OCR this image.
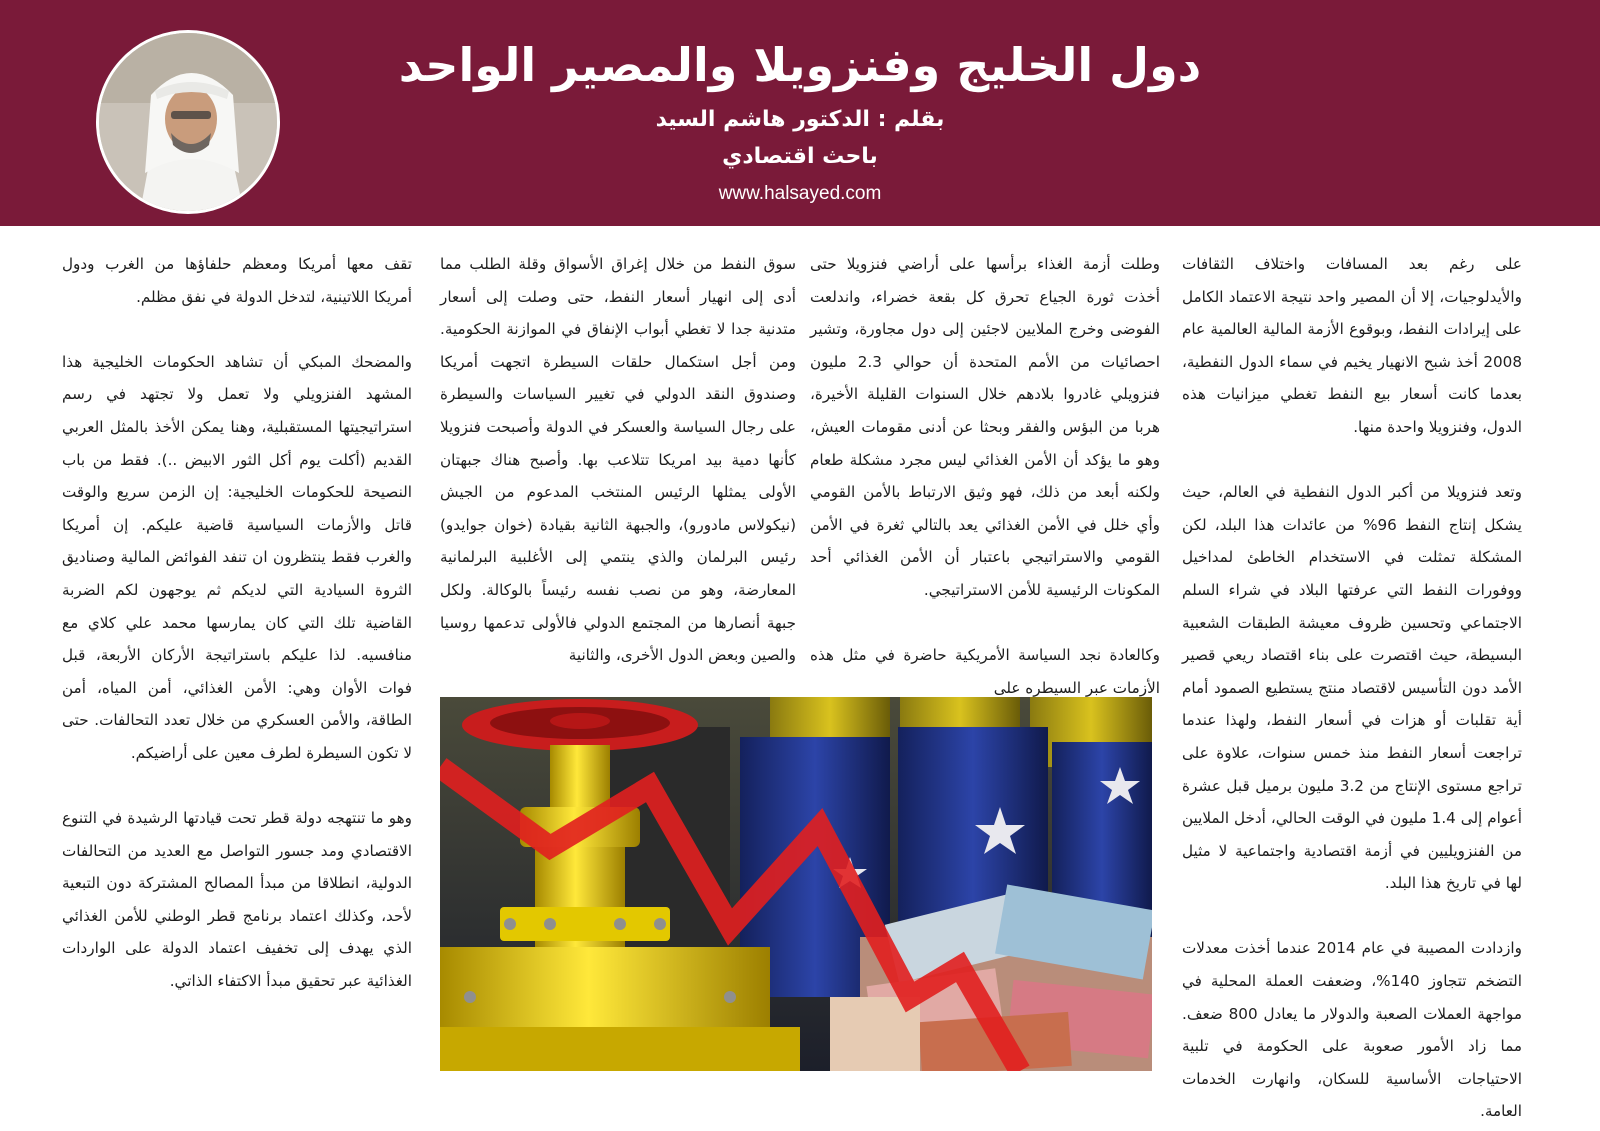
دول الخليج وفنزويلا والمصير الواحد
بقلم : الدكتور هاشم السيد
باحث اقتصادي
www.halsayed.com

على رغم بعد المسافات واختلاف الثقافات والأيدلوجيات، إلا أن المصير واحد نتيجة الاعتماد الكامل على إيرادات النفط، وبوقوع الأزمة المالية العالمية عام 2008 أخذ شبح الانهيار يخيم في سماء الدول النفطية، بعدما كانت أسعار بيع النفط تغطي ميزانيات هذه الدول، وفنزويلا واحدة منها.

وتعد فنزويلا من أكبر الدول النفطية في العالم، حيث يشكل إنتاج النفط 96% من عائدات هذا البلد، لكن المشكلة تمثلت في الاستخدام الخاطئ لمداخيل ووفورات النفط التي عرفتها البلاد في شراء السلم الاجتماعي وتحسين ظروف معيشة الطبقات الشعبية البسيطة، حيث اقتصرت على بناء اقتصاد ريعي قصير الأمد دون التأسيس لاقتصاد منتج يستطيع الصمود أمام أية تقلبات أو هزات في أسعار النفط، ولهذا عندما تراجعت أسعار النفط منذ خمس سنوات، علاوة على تراجع مستوى الإنتاج من 3.2 مليون برميل قبل عشرة أعوام إلى 1.4 مليون في الوقت الحالي، أدخل الملايين من الفنزويليين في أزمة اقتصادية واجتماعية لا مثيل لها في تاريخ هذا البلد.

وازدادت المصيبة في عام 2014 عندما أخذت معدلات التضخم تتجاوز 140%، وضعفت العملة المحلية في مواجهة العملات الصعبة والدولار ما يعادل 800 ضعف. مما زاد الأمور صعوبة على الحكومة في تلبية الاحتياجات الأساسية للسكان، وانهارت الخدمات العامة.

وطلت أزمة الغذاء برأسها على أراضي فنزويلا حتى أخذت ثورة الجياع تحرق كل بقعة خضراء، واندلعت الفوضى وخرج الملايين لاجئين إلى دول مجاورة، وتشير احصائيات من الأمم المتحدة أن حوالي 2.3 مليون فنزويلي غادروا بلادهم خلال السنوات القليلة الأخيرة، هربا من البؤس والفقر وبحثا عن أدنى مقومات العيش، وهو ما يؤكد أن الأمن الغذائي ليس مجرد مشكلة طعام ولكنه أبعد من ذلك، فهو وثيق الارتباط بالأمن القومي وأي خلل في الأمن الغذائي يعد بالتالي ثغرة في الأمن القومي والاستراتيجي باعتبار أن الأمن الغذائي أحد المكونات الرئيسية للأمن الاستراتيجي.

وكالعادة نجد السياسة الأمريكية حاضرة في مثل هذه الأزمات عبر السيطره على

سوق النفط من خلال إغراق الأسواق وقلة الطلب مما أدى إلى انهيار أسعار النفط، حتى وصلت إلى أسعار متدنية جدا لا تغطي أبواب الإنفاق في الموازنة الحكومية. ومن أجل استكمال حلقات السيطرة اتجهت أمريكا وصندوق النقد الدولي في تغيير السياسات والسيطرة على رجال السياسة والعسكر في الدولة وأصبحت فنزويلا كأنها دمية بيد امريكا تتلاعب بها. وأصبح هناك جبهتان الأولى يمثلها الرئيس المنتخب المدعوم من الجيش (نيكولاس مادورو)، والجبهة الثانية بقيادة (خوان جوايدو) رئيس البرلمان والذي ينتمي إلى الأغلبية البرلمانية المعارضة، وهو من نصب نفسه رئيساً بالوكالة. ولكل جبهة أنصارها من المجتمع الدولي فالأولى تدعمها روسيا والصين وبعض الدول الأخرى، والثانية

تقف معها أمريكا ومعظم حلفاؤها من الغرب ودول أمريكا اللاتينية، لتدخل الدولة في نفق مظلم.

والمضحك المبكي أن تشاهد الحكومات الخليجية هذا المشهد الفنزويلي ولا تعمل ولا تجتهد في رسم استراتيجيتها المستقبلية، وهنا يمكن الأخذ بالمثل العربي القديم (أكلت يوم أكل الثور الابيض ..). فقط من باب النصيحة للحكومات الخليجية: إن الزمن سريع والوقت قاتل والأزمات السياسية قاضية عليكم. إن أمريكا والغرب فقط ينتظرون ان تنفد الفوائض المالية وصناديق الثروة السيادية التي لديكم ثم يوجهون لكم الضربة القاضية تلك التي كان يمارسها محمد علي كلاي مع منافسيه. لذا عليكم باستراتيجة الأركان الأربعة، قبل فوات الأوان وهي: الأمن الغذائي، أمن المياه، أمن الطاقة، والأمن العسكري من خلال تعدد التحالفات. حتى لا تكون السيطرة لطرف معين على أراضيكم.

وهو ما تنتهجه دولة قطر تحت قيادتها الرشيدة في التنوع الاقتصادي ومد جسور التواصل مع العديد من التحالفات الدولية، انطلاقا من مبدأ المصالح المشتركة دون التبعية لأحد، وكذلك اعتماد برنامج قطر الوطني للأمن الغذائي الذي يهدف إلى تخفيف اعتماد الدولة على الواردات الغذائية عبر تحقيق مبدأ الاكتفاء الذاتي.
